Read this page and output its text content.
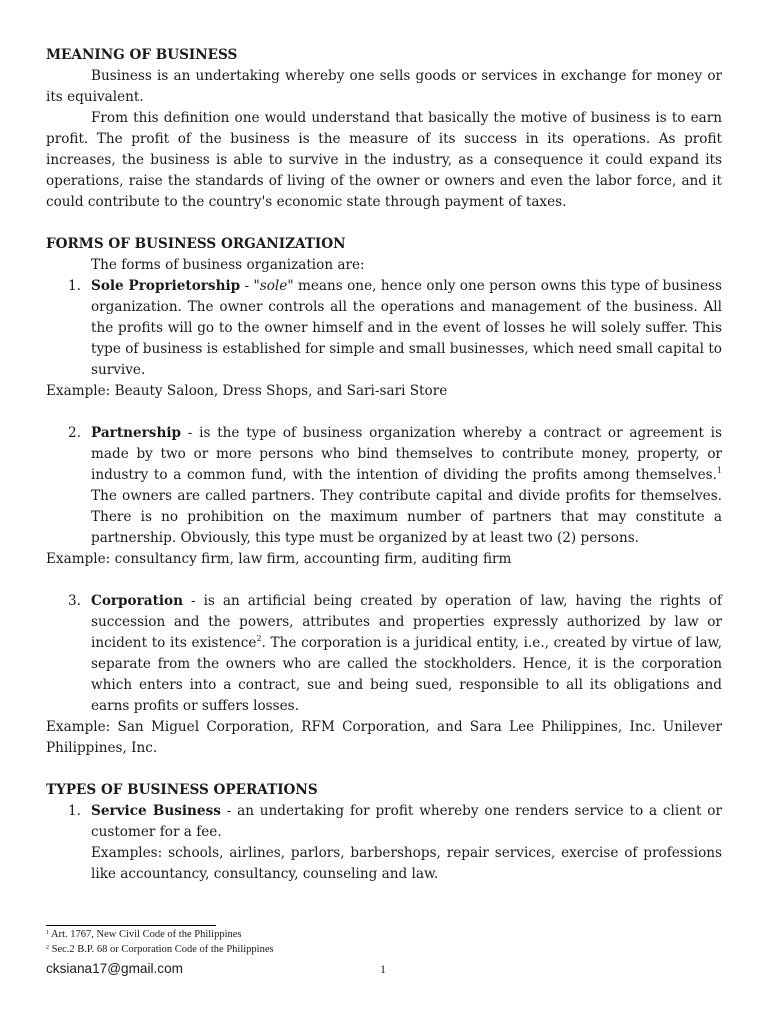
MEANING OF BUSINESS

Business is an undertaking whereby one sells goods or services in exchange for money or its equivalent.

From this definition one would understand that basically the motive of business is to earn profit. The profit of the business is the measure of its success in its operations. As profit increases, the business is able to survive in the industry, as a consequence it could expand its operations, raise the standards of living of the owner or owners and even the labor force, and it could contribute to the country's economic state through payment of taxes.

FORMS OF BUSINESS ORGANIZATION

The forms of business organization are:

1. Sole Proprietorship - "sole" means one, hence only one person owns this type of business organization. The owner controls all the operations and management of the business. All the profits will go to the owner himself and in the event of losses he will solely suffer. This type of business is established for simple and small businesses, which need small capital to survive.

Example: Beauty Saloon, Dress Shops, and Sari-sari Store

2. Partnership - is the type of business organization whereby a contract or agreement is made by two or more persons who bind themselves to contribute money, property, or industry to a common fund, with the intention of dividing the profits among themselves.$^1$ The owners are called partners. They contribute capital and divide profits for themselves. There is no prohibition on the maximum number of partners that may constitute a partnership. Obviously, this type must be organized by at least two (2) persons.

Example: consultancy firm, law firm, accounting firm, auditing firm

3. Corporation - is an artificial being created by operation of law, having the rights of succession and the powers, attributes and properties expressly authorized by law or incident to its existence$^2$. The corporation is a juridical entity, i.e., created by virtue of law, separate from the owners who are called the stockholders. Hence, it is the corporation which enters into a contract, sue and being sued, responsible to all its obligations and earns profits or suffers losses.

Example: San Miguel Corporation, RFM Corporation, and Sara Lee Philippines, Inc. Unilever Philippines, Inc.

TYPES OF BUSINESS OPERATIONS

1. Service Business - an undertaking for profit whereby one renders service to a client or customer for a fee.
Examples: schools, airlines, parlors, barbershops, repair services, exercise of professions like accountancy, consultancy, counseling and law.
$^1$ Art. 1767, New Civil Code of the Philippines
$^2$ Sec.2 B.P. 68 or Corporation Code of the Philippines
cksiana17@gmail.com	1
